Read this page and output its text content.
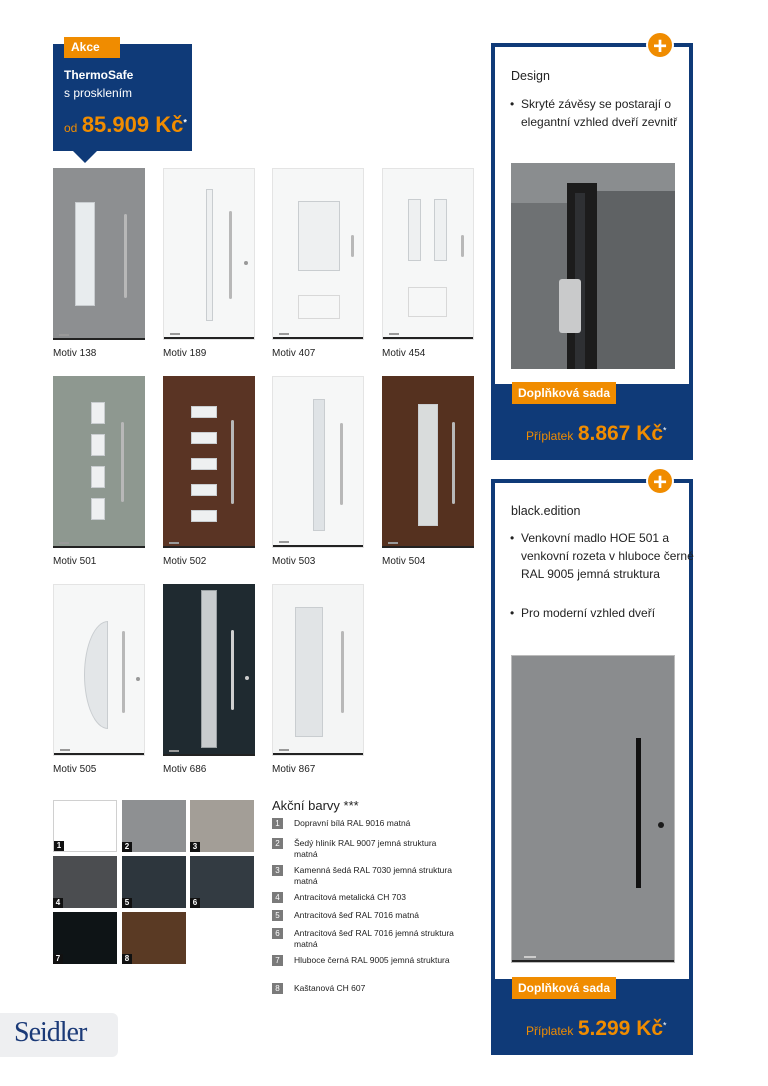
Akce
ThermoSafe
s prosklením
od 85.909 Kč*
Motiv 138	Motiv 189	Motiv 407	Motiv 454
Motiv 501	Motiv 502	Motiv 503	Motiv 504
Motiv 505	Motiv 686	Motiv 867
+
Design
• Skryté závěsy se postarají o elegantní vzhled dveří zevnitř
Doplňková sada
Příplatek 8.867 Kč*
+
black.edition
• Venkovní madlo HOE 501 a venkovní rozeta v hluboce černé RAL 9005 jemná struktura
• Pro moderní vzhled dveří
Doplňková sada
Příplatek 5.299 Kč*
1	2	3
4	5	6
7	8
Akční barvy ***
1	Dopravní bílá RAL 9016 matná
2	Šedý hliník RAL 9007 jemná struktura matná
3	Kamenná šedá RAL 7030 jemná struktura matná
4	Antracitová metalická CH 703
5	Antracitová šeď RAL 7016 matná
6	Antracitová šeď RAL 7016 jemná struktura matná
7	Hluboce černá RAL 9005 jemná struktura
8	Kaštanová CH 607
Seidler
